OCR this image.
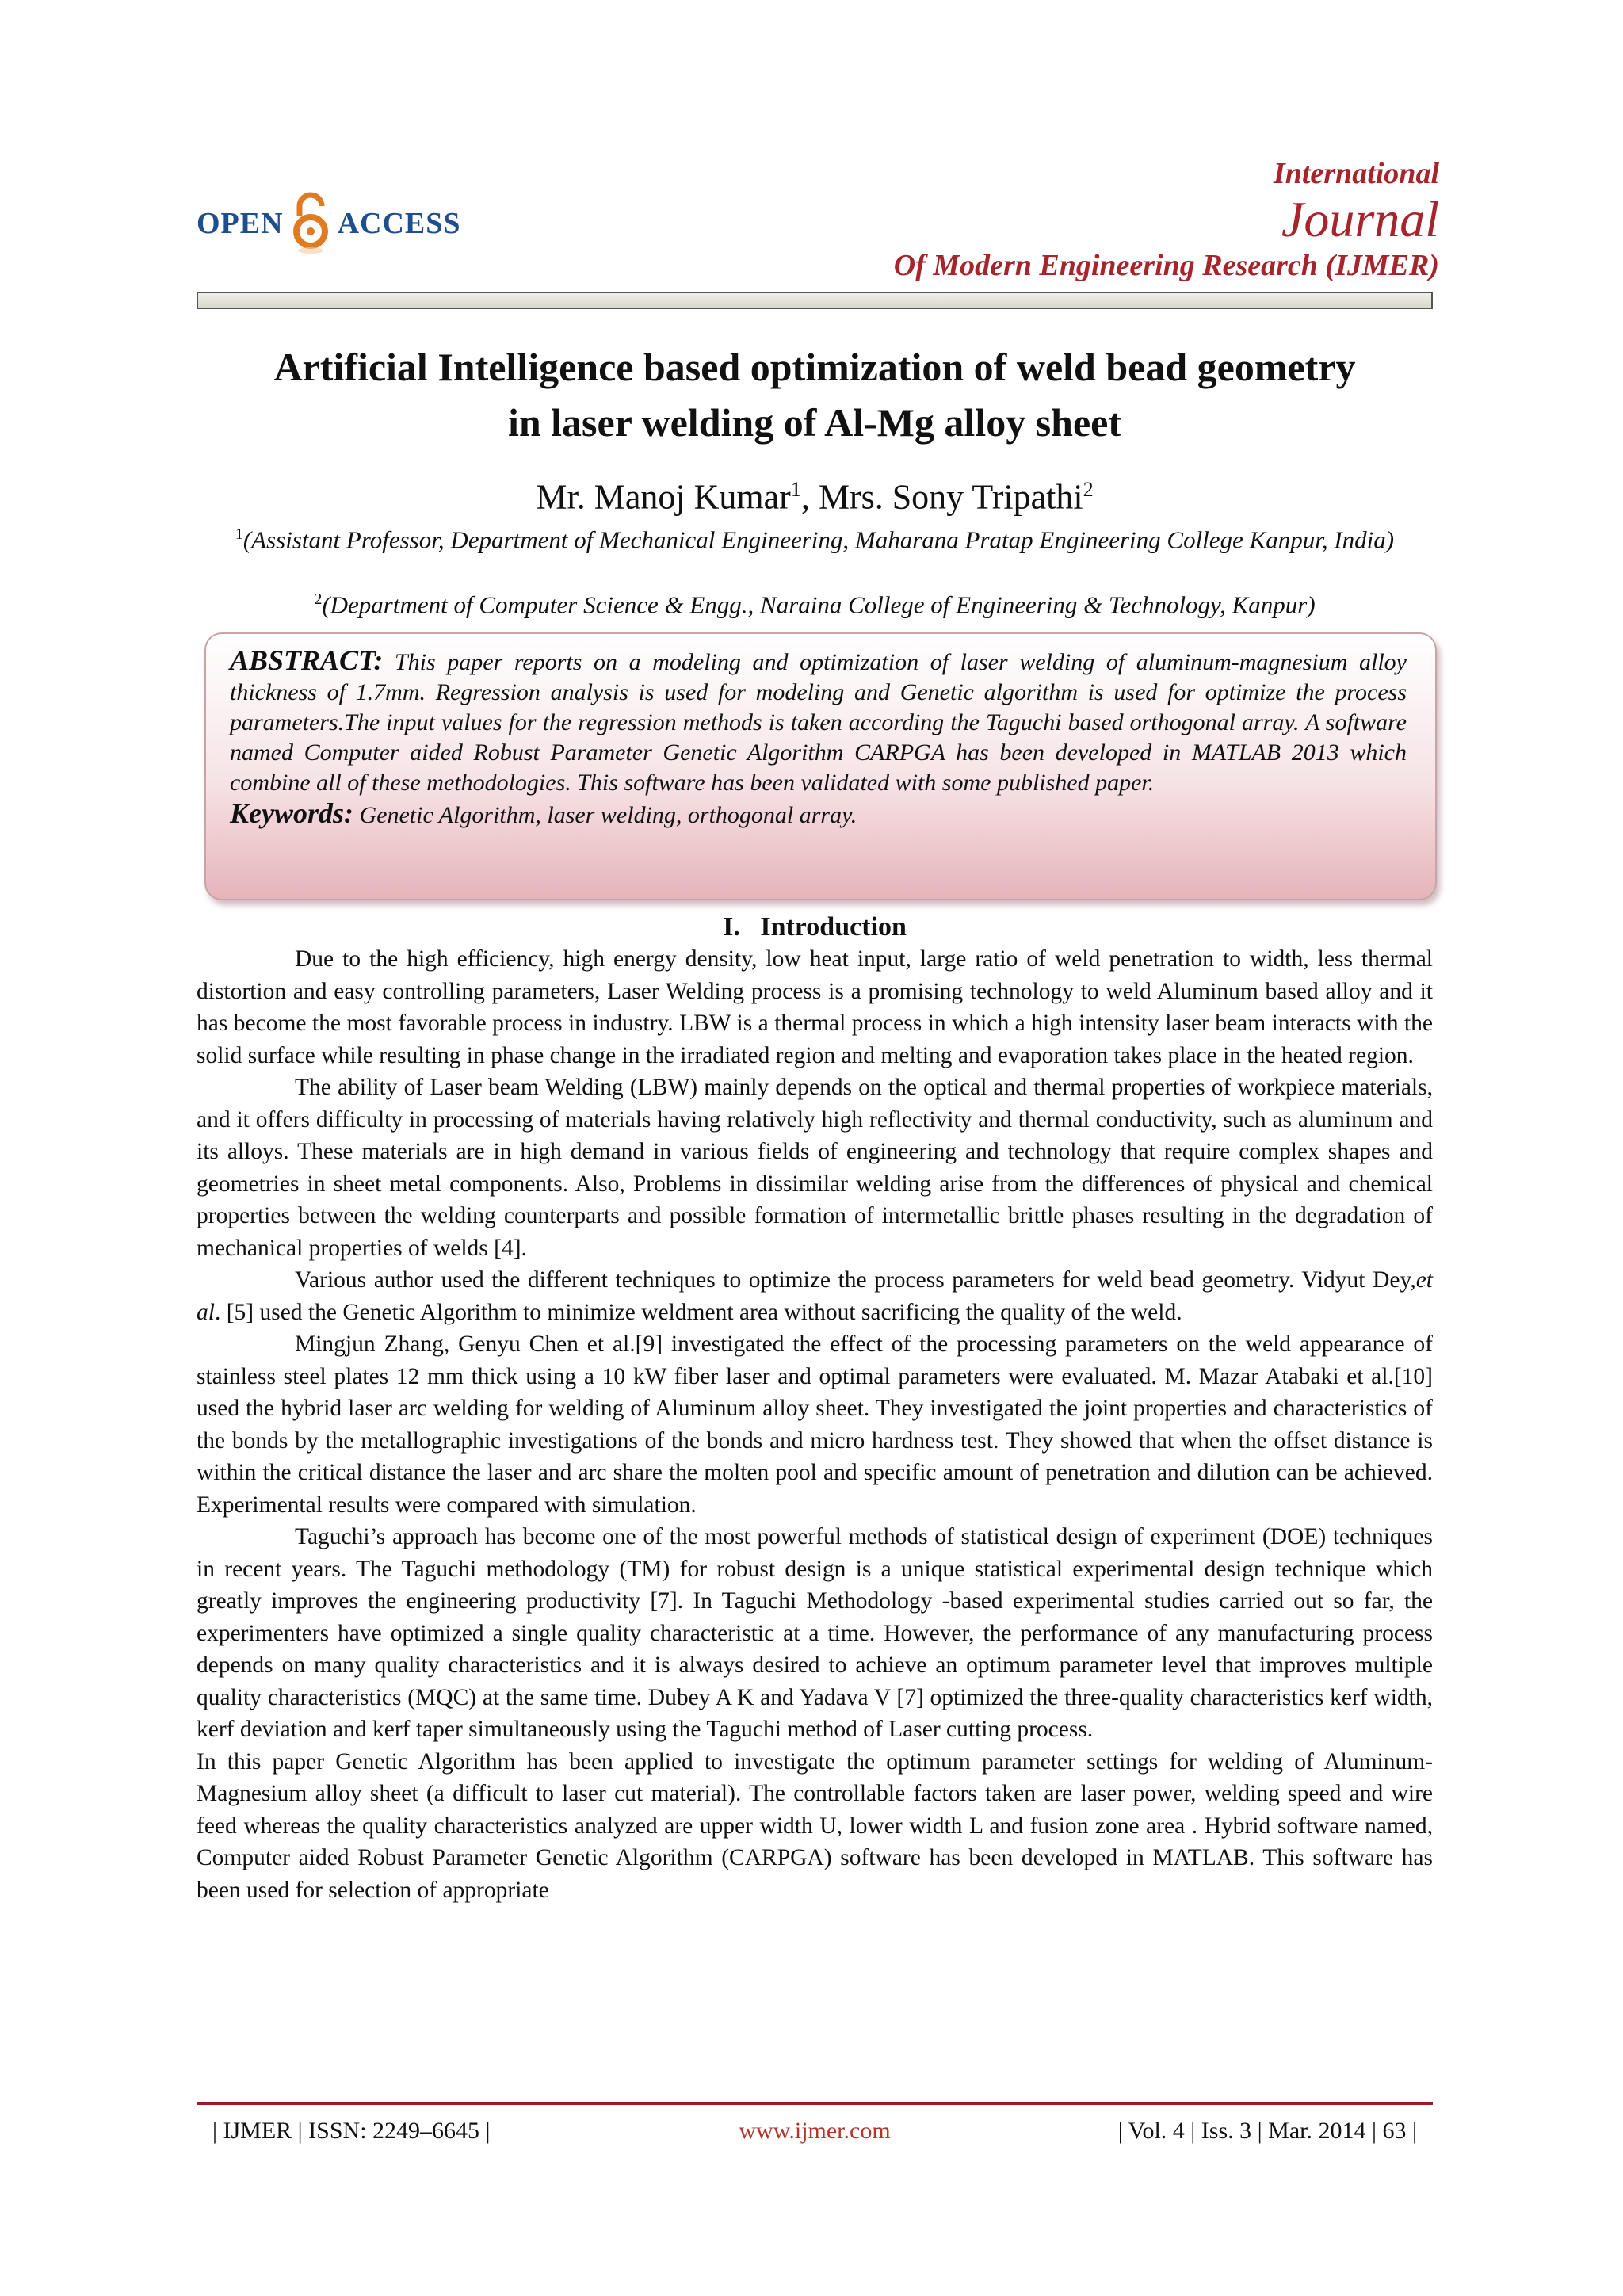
OPEN ACCESS
International
Journal
Of Modern Engineering Research (IJMER)
Artificial Intelligence based optimization of weld bead geometry
in laser welding of Al-Mg alloy sheet
Mr. Manoj Kumar$^1$, Mrs. Sony Tripathi$^2$
$^1$(Assistant Professor, Department of Mechanical Engineering, Maharana Pratap Engineering College Kanpur, India)
$^2$(Department of Computer Science & Engg., Naraina College of Engineering & Technology, Kanpur)
ABSTRACT: This paper reports on a modeling and optimization of laser welding of aluminum-magnesium alloy thickness of 1.7mm. Regression analysis is used for modeling and Genetic algorithm is used for optimize the process parameters.The input values for the regression methods is taken according the Taguchi based orthogonal array. A software named Computer aided Robust Parameter Genetic Algorithm CARPGA has been developed in MATLAB 2013 which combine all of these methodologies. This software has been validated with some published paper.
Keywords: Genetic Algorithm, laser welding, orthogonal array.
I.   Introduction

Due to the high efficiency, high energy density, low heat input, large ratio of weld penetration to width, less thermal distortion and easy controlling parameters, Laser Welding process is a promising technology to weld Aluminum based alloy and it has become the most favorable process in industry. LBW is a thermal process in which a high intensity laser beam interacts with the solid surface while resulting in phase change in the irradiated region and melting and evaporation takes place in the heated region.

The ability of Laser beam Welding (LBW) mainly depends on the optical and thermal properties of workpiece materials, and it offers difficulty in processing of materials having relatively high reflectivity and thermal conductivity, such as aluminum and its alloys. These materials are in high demand in various fields of engineering and technology that require complex shapes and geometries in sheet metal components. Also, Problems in dissimilar welding arise from the differences of physical and chemical properties between the welding counterparts and possible formation of intermetallic brittle phases resulting in the degradation of mechanical properties of welds [4].

Various author used the different techniques to optimize the process parameters for weld bead geometry. Vidyut Dey,et al. [5] used the Genetic Algorithm to minimize weldment area without sacrificing the quality of the weld.

Mingjun Zhang, Genyu Chen et al.[9] investigated the effect of the processing parameters on the weld appearance of stainless steel plates 12 mm thick using a 10 kW fiber laser and optimal parameters were evaluated. M. Mazar Atabaki et al.[10] used the hybrid laser arc welding for welding of Aluminum alloy sheet. They investigated the joint properties and characteristics of the bonds by the metallographic investigations of the bonds and micro hardness test. They showed that when the offset distance is within the critical distance the laser and arc share the molten pool and specific amount of penetration and dilution can be achieved. Experimental results were compared with simulation.

Taguchi’s approach has become one of the most powerful methods of statistical design of experiment (DOE) techniques in recent years. The Taguchi methodology (TM) for robust design is a unique statistical experimental design technique which greatly improves the engineering productivity [7]. In Taguchi Methodology -based experimental studies carried out so far, the experimenters have optimized a single quality characteristic at a time. However, the performance of any manufacturing process depends on many quality characteristics and it is always desired to achieve an optimum parameter level that improves multiple quality characteristics (MQC) at the same time. Dubey A K and Yadava V [7] optimized the three-quality characteristics kerf width, kerf deviation and kerf taper simultaneously using the Taguchi method of Laser cutting process.

In this paper Genetic Algorithm has been applied to investigate the optimum parameter settings for welding of Aluminum-Magnesium alloy sheet (a difficult to laser cut material). The controllable factors taken are laser power, welding speed and wire feed whereas the quality characteristics analyzed are upper width U, lower width L and fusion zone area . Hybrid software named, Computer aided Robust Parameter Genetic Algorithm (CARPGA) software has been developed in MATLAB. This software has been used for selection of appropriate

| IJMER | ISSN: 2249–6645 |	www.ijmer.com	| Vol. 4 | Iss. 3 | Mar. 2014 | 63 |
